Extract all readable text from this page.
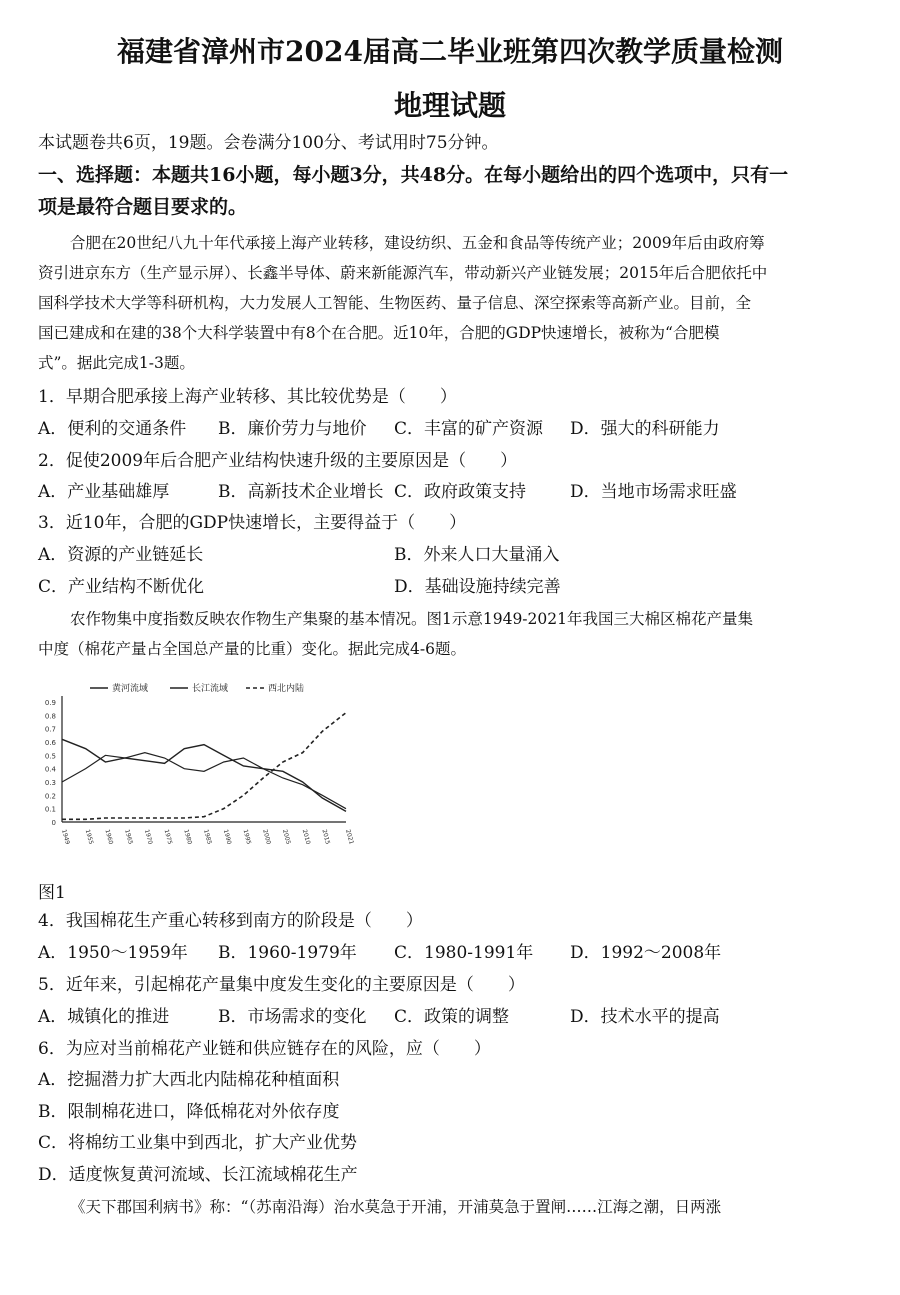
福建省漳州市2024届高二毕业班第四次教学质量检测
地理试题
本试题卷共6页，19题。会卷满分100分、考试用时75分钟。
一、选择题：本题共16小题，每小题3分，共48分。在每小题给出的四个选项中，只有一
项是最符合题目要求的。
合肥在20世纪八九十年代承接上海产业转移，建设纺织、五金和食品等传统产业；2009年后由政府筹
资引进京东方（生产显示屏）、长鑫半导体、蔚来新能源汽车，带动新兴产业链发展；2015年后合肥依托中
国科学技术大学等科研机构，大力发展人工智能、生物医药、量子信息、深空探索等高新产业。目前，全
国已建成和在建的38个大科学装置中有8个在合肥。近10年，合肥的GDP快速增长，被称为“合肥模
式”。据此完成1-3题。
1．早期合肥承接上海产业转移、其比较优势是（　　）
A．便利的交通条件 B．廉价劳力与地价 C．丰富的矿产资源 D．强大的科研能力
2．促使2009年后合肥产业结构快速升级的主要原因是（　　）
A．产业基础雄厚	B．高新技术企业增长 C．政府政策支持	D．当地市场需求旺盛
3．近10年，合肥的GDP快速增长，主要得益于（　　）
A．资源的产业链延长	B．外来人口大量涌入
C．产业结构不断优化	D．基础设施持续完善
农作物集中度指数反映农作物生产集聚的基本情况。图1示意1949-2021年我国三大棉区棉花产量集
中度（棉花产量占全国总产量的比重）变化。据此完成4-6题。
黄河流域	长江流域	西北内陆
0.9
0.8
0.7
0.6
0.5
0.4
0.3
0.2
0.1
0
1949 1955 1960 1965 1970 1975 1980 1985 1990 1995 2000 2005 2010 2015 2021
图1
4．我国棉花生产重心转移到南方的阶段是（　　）
A．1950～1959年 B．1960-1979年 C．1980-1991年 D．1992～2008年
5．近年来，引起棉花产量集中度发生变化的主要原因是（　　）
A．城镇化的推进	B．市场需求的变化 C．政策的调整	D．技术水平的提高
6．为应对当前棉花产业链和供应链存在的风险，应（　　）
A．挖掘潜力扩大西北内陆棉花种植面积
B．限制棉花进口，降低棉花对外依存度
C．将棉纺工业集中到西北，扩大产业优势
D．适度恢复黄河流域、长江流域棉花生产
《天下郡国利病书》称：“（苏南沿海）治水莫急于开浦，开浦莫急于置闸……江海之潮，日两涨
